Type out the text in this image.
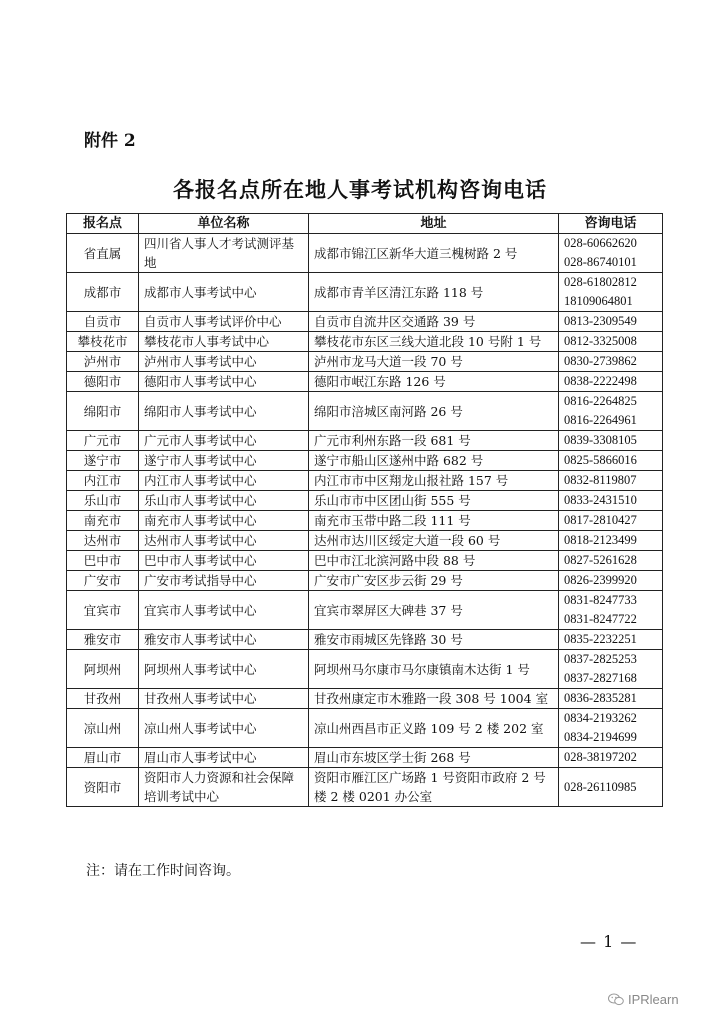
附件 2
各报名点所在地人事考试机构咨询电话
报名点	单位名称	地址	咨询电话
省直属	四川省人事人才考试测评基地	成都市锦江区新华大道三槐树路 2 号	028-60662620
028-86740101

成都市	成都市人事考试中心	成都市青羊区清江东路 118 号	028-61802812
18109064801

自贡市	自贡市人事考试评价中心	自贡市自流井区交通路 39 号	0813-2309549

攀枝花市	攀枝花市人事考试中心	攀枝花市东区三线大道北段 10 号附 1 号	0812-3325008

泸州市	泸州市人事考试中心	泸州市龙马大道一段 70 号	0830-2739862

德阳市	德阳市人事考试中心	德阳市岷江东路 126 号	0838-2222498

绵阳市	绵阳市人事考试中心	绵阳市涪城区南河路 26 号	0816-2264825
0816-2264961

广元市	广元市人事考试中心	广元市利州东路一段 681 号	0839-3308105

遂宁市	遂宁市人事考试中心	遂宁市船山区遂州中路 682 号	0825-5866016

内江市	内江市人事考试中心	内江市市中区翔龙山报社路 157 号	0832-8119807

乐山市	乐山市人事考试中心	乐山市市中区团山街 555 号	0833-2431510

南充市	南充市人事考试中心	南充市玉带中路二段 111 号	0817-2810427

达州市	达州市人事考试中心	达州市达川区绥定大道一段 60 号	0818-2123499

巴中市	巴中市人事考试中心	巴中市江北滨河路中段 88 号	0827-5261628

广安市	广安市考试指导中心	广安市广安区步云街 29 号	0826-2399920

宜宾市	宜宾市人事考试中心	宜宾市翠屏区大碑巷 37 号	0831-8247733
0831-8247722

雅安市	雅安市人事考试中心	雅安市雨城区先锋路 30 号	0835-2232251

阿坝州	阿坝州人事考试中心	阿坝州马尔康市马尔康镇南木达街 1 号	0837-2825253
0837-2827168

甘孜州	甘孜州人事考试中心	甘孜州康定市木雅路一段 308 号 1004 室	0836-2835281

凉山州	凉山州人事考试中心	凉山州西昌市正义路 109 号 2 楼 202 室	0834-2193262
0834-2194699

眉山市	眉山市人事考试中心	眉山市东坡区学士街 268 号	028-38197202

资阳市	资阳市人力资源和社会保障培训考试中心	资阳市雁江区广场路 1 号资阳市政府 2 号楼 2 楼 0201 办公室	028-26110985
注：请在工作时间咨询。
— 1 —
IPRlearn
